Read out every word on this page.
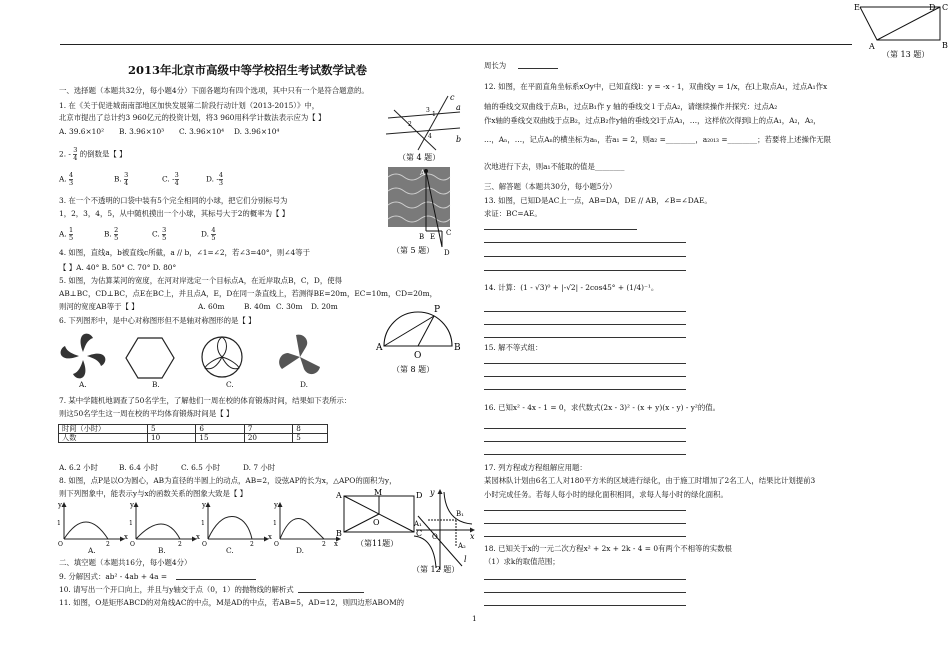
E	D C
A	B
（第 13 题）
2013年北京市高级中等学校招生考试数学试卷
一、选择题（本题共32分，每小题4分）下面各题均有四个选项，其中只有一个是符合题意的。
1. 在《关于促进城南南部地区加快发展第二阶段行动计划（2013-2015）》中，
北京市提出了总计约3 960亿元的投资计划，将3 960用科学计数法表示应为【 】
A. 39.6×10² B. 3.96×10³ C. 3.96×10⁴ D. 3.96×10⁴
2. - $\frac{3}{4}$ 的倒数是【 】
A. $\frac{4}{3}$	B. $\frac{3}{4}$	C. - $\frac{3}{4}$	D. - $\frac{4}{3}$
3. 在一个不透明的口袋中装有5个完全相同的小球，把它们分别标号为
1，2，3，4，5，从中随机摸出一个小球，其标号大于2的概率为【 】
A. $\frac{1}{5}$	B. $\frac{2}{5}$	C. $\frac{3}{5}$	D. $\frac{4}{5}$
4. 如图，直线a，b被直线c所截，a // b，∠1=∠2，若∠3=40°，则∠4等于
【 】A. 40° B. 50° C. 70° D. 80°
5. 如图，为估算某河的宽度，在河对岸选定一个目标点A，在近岸取点B，C，D，使得
AB⊥BC，CD⊥BC，点E在BC上，并且点A，E，D在同一条直线上，若测得BE=20m，EC=10m，CD=20m，
则河的宽度AB等于【 】	A. 60m	B. 40m C. 30m D. 20m
6. 下列图形中，是中心对称图形但不是轴对称图形的是【 】
A.	B.	C.	D.
7. 某中学随机地调查了50名学生，了解他们一周在校的体育锻炼时间，结果如下表所示：
则这50名学生这一周在校的平均体育锻炼时间是【 】
时间（小时）	5	6	7	8
人数	10	15	20	5
A. 6.2 小时	B. 6.4 小时	C. 6.5 小时	D. 7 小时
8. 如图，点P是以O为圆心，AB为直径的半圆上的动点，AB=2，设弦AP的长为x，△APO的面积为y，
则下列图象中，能表示y与x的函数关系的图象大致是【 】
y
x
O
1
2
y
x
O
1
2
y
x
O
1
2
y
x
O
1
2
A.	B.	C.	D.
二、填空题（本题共16分，每小题4分）
9. 分解因式：ab² - 4ab + 4a =
10. 请写出一个开口向上，并且与y轴交于点（0，1）的抛物线的解析式
11. 如图，O是矩形ABCD的对角线AC的中点，M是AD的中点，若AB=5，AD=12，则四边形ABOM的
c
a
b
1
2
3
4
（第 4 题）
A
B	C
D
E
（第 5 题）
A	B
O
P
（第 8 题）
A	M	D
B	C
O
（第11题）
y
x
O
A₁
A₂
B₁
l
（第 12 题）
周长为
12. 如图，在平面直角坐标系xOy中，已知直线l：y = -x - 1，双曲线y = 1/x，在l上取点A₁，过点A₁作x
轴的垂线交双曲线于点B₁，过点B₁作 y 轴的垂线交 l 于点A₂，请继续操作并探究：过点A₂
作x轴的垂线交双曲线于点B₂，过点B₂作y轴的垂线交l于点A₃，…，这样依次得到l上的点A₁，A₂，A₃，
…，Aₙ，…，记点Aₙ的横坐标为aₙ，若a₁ = 2，则a₂ =________，a₂₀₁₃ =________；若要将上述操作无限
次地进行下去，则a₁不能取的值是________
三、解答题（本题共30分，每小题5分）
13. 如图，已知D是AC上一点，AB=DA，DE // AB，∠B=∠DAE。
求证：BC=AE。
14. 计算：(1 - √3)⁰ + |-√2| - 2cos45° + (1/4)⁻¹。
15. 解不等式组：
16. 已知x² - 4x - 1 = 0，求代数式(2x - 3)² - (x + y)(x - y) - y²的值。
17. 列方程或方程组解应用题：
某园林队计划由6名工人对180平方米的区域进行绿化，由于施工时增加了2名工人，结果比计划提前3
小时完成任务。若每人每小时的绿化面积相同，求每人每小时的绿化面积。
18. 已知关于x的一元二次方程x² + 2x + 2k - 4 = 0有两个不相等的实数根
（1）求k的取值范围；
1
